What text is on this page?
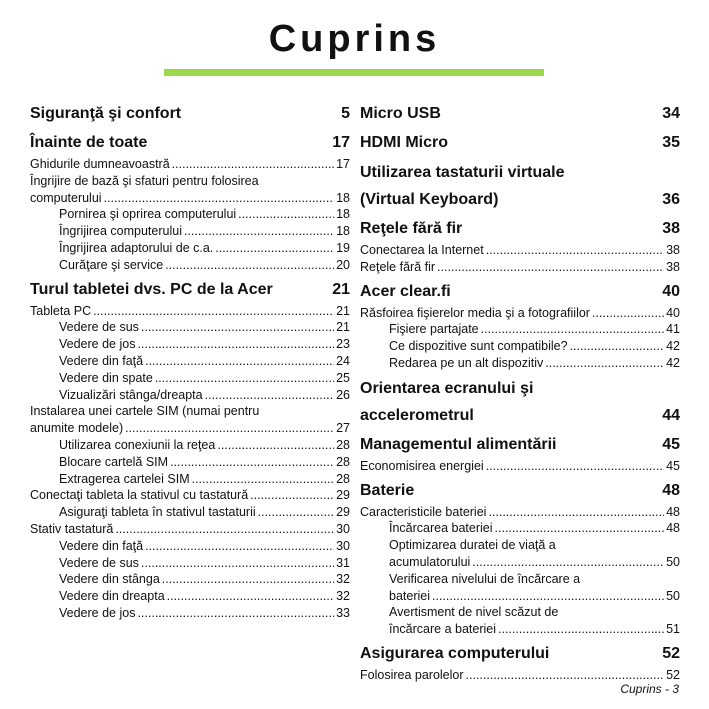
Cuprins
Siguranţă şi confort	5
Înainte de toate	17
Ghidurile dumneavoastră .....	17
Îngrijire de bază şi sfaturi pentru folosirea
computerului .....	18
Pornirea şi oprirea computerului .....	18
Îngrijirea computerului .....	18
Îngrijirea adaptorului de c.a. .....	19
Curăţare şi service .....	20
Turul tabletei dvs. PC de la Acer	21
Tableta PC .....	21
Vedere de sus .....	21
Vedere de jos .....	23
Vedere din faţă .....	24
Vedere din spate .....	25
Vizualizări stânga/dreapta .....	26
Instalarea unei cartele SIM (numai pentru
anumite modele) .....	27
Utilizarea conexiunii la reţea .....	28
Blocare cartelă SIM .....	28
Extragerea cartelei SIM .....	28
Conectaţi tableta la stativul cu tastatură .....	29
Asiguraţi tableta în stativul tastaturii .....	29
Stativ tastatură .....	30
Vedere din faţă .....	30
Vedere de sus .....	31
Vedere din stânga .....	32
Vedere din dreapta .....	32
Vedere de jos .....	33
Micro USB	34
HDMI Micro	35
Utilizarea tastaturii virtuale
(Virtual Keyboard)	36
Reţele fără fir	38
Conectarea la Internet .....	38
Reţele fără fir .....	38
Acer clear.fi	40
Răsfoirea fişierelor media şi a fotografiilor .....	40
Fişiere partajate .....	41
Ce dispozitive sunt compatibile? .....	42
Redarea pe un alt dispozitiv .....	42
Orientarea ecranului şi
accelerometrul	44
Managementul alimentării	45
Economisirea energiei .....	45
Baterie	48
Caracteristicile bateriei .....	48
Încărcarea bateriei .....	48
Optimizarea duratei de viaţă a
acumulatorului .....	50
Verificarea nivelului de încărcare a
bateriei .....	50
Avertisment de nivel scăzut de
încărcare a bateriei .....	51
Asigurarea computerului	52
Folosirea parolelor .....	52
Cuprins - 3
